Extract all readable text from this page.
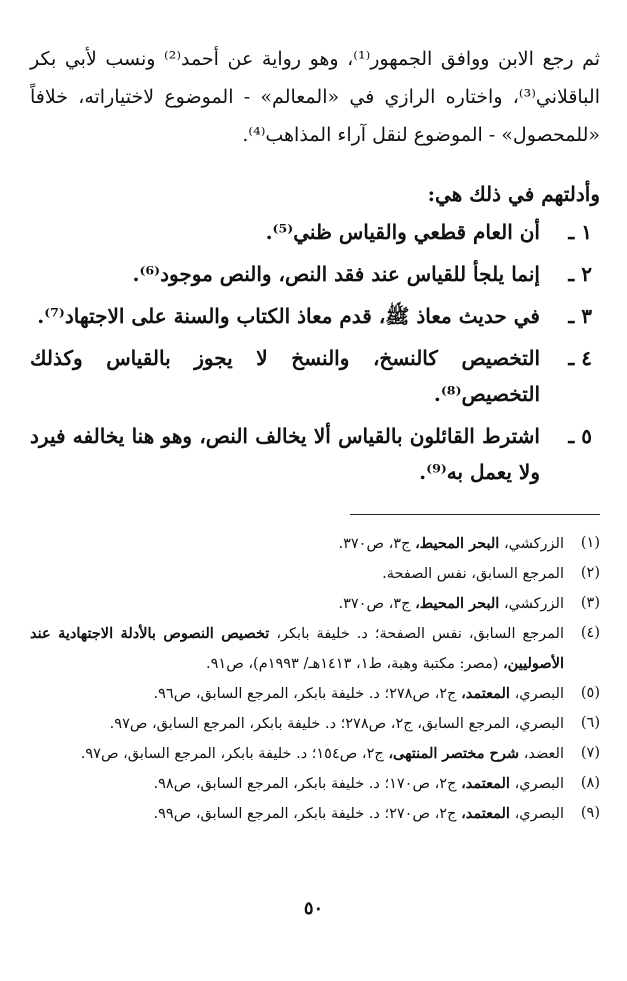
ثم رجع الابن ووافق الجمهور⁽¹⁾، وهو رواية عن أحمد⁽²⁾ ونسب لأبي بكر الباقلاني⁽³⁾، واختاره الرازي في «المعالم» - الموضوع لاختياراته، خلافاً «للمحصول» - الموضوع لنقل آراء المذاهب⁽⁴⁾.

وأدلتهم في ذلك هي:
١ ـ
أن العام قطعي والقياس ظني⁽⁵⁾.
٢ ـ
إنما يلجأ للقياس عند فقد النص، والنص موجود⁽⁶⁾.
٣ ـ
في حديث معاذ ﷺ، قدم معاذ الكتاب والسنة على الاجتهاد⁽⁷⁾.
٤ ـ
التخصيص كالنسخ، والنسخ لا يجوز بالقياس وكذلك التخصيص⁽⁸⁾.
٥ ـ
اشترط القائلون بالقياس ألا يخالف النص، وهو هنا يخالفه فيرد ولا يعمل به⁽⁹⁾.
(١)
الزركشي، البحر المحيط، ج٣، ص٣٧٠.
(٢)
المرجع السابق، نفس الصفحة.
(٣)
الزركشي، البحر المحيط، ج٣، ص٣٧٠.
(٤)
المرجع السابق، نفس الصفحة؛ د. خليفة بابكر، تخصيص النصوص بالأدلة الاجتهادية عند الأصوليين، (مصر: مكتبة وهبة، ط١، ١٤١٣هـ/ ١٩٩٣م)، ص٩١.
(٥)
البصري، المعتمد، ج٢، ص٢٧٨؛ د. خليفة بابكر، المرجع السابق، ص٩٦.
(٦)
البصري، المرجع السابق، ج٢، ص٢٧٨؛ د. خليفة بابكر، المرجع السابق، ص٩٧.
(٧)
العضد، شرح مختصر المنتهى، ج٢، ص١٥٤؛ د. خليفة بابكر، المرجع السابق، ص٩٧.
(٨)
البصري، المعتمد، ج٢، ص١٧٠؛ د. خليفة بابكر، المرجع السابق، ص٩٨.
(٩)
البصري، المعتمد، ج٢، ص٢٧٠؛ د. خليفة بابكر، المرجع السابق، ص٩٩.
٥٠
